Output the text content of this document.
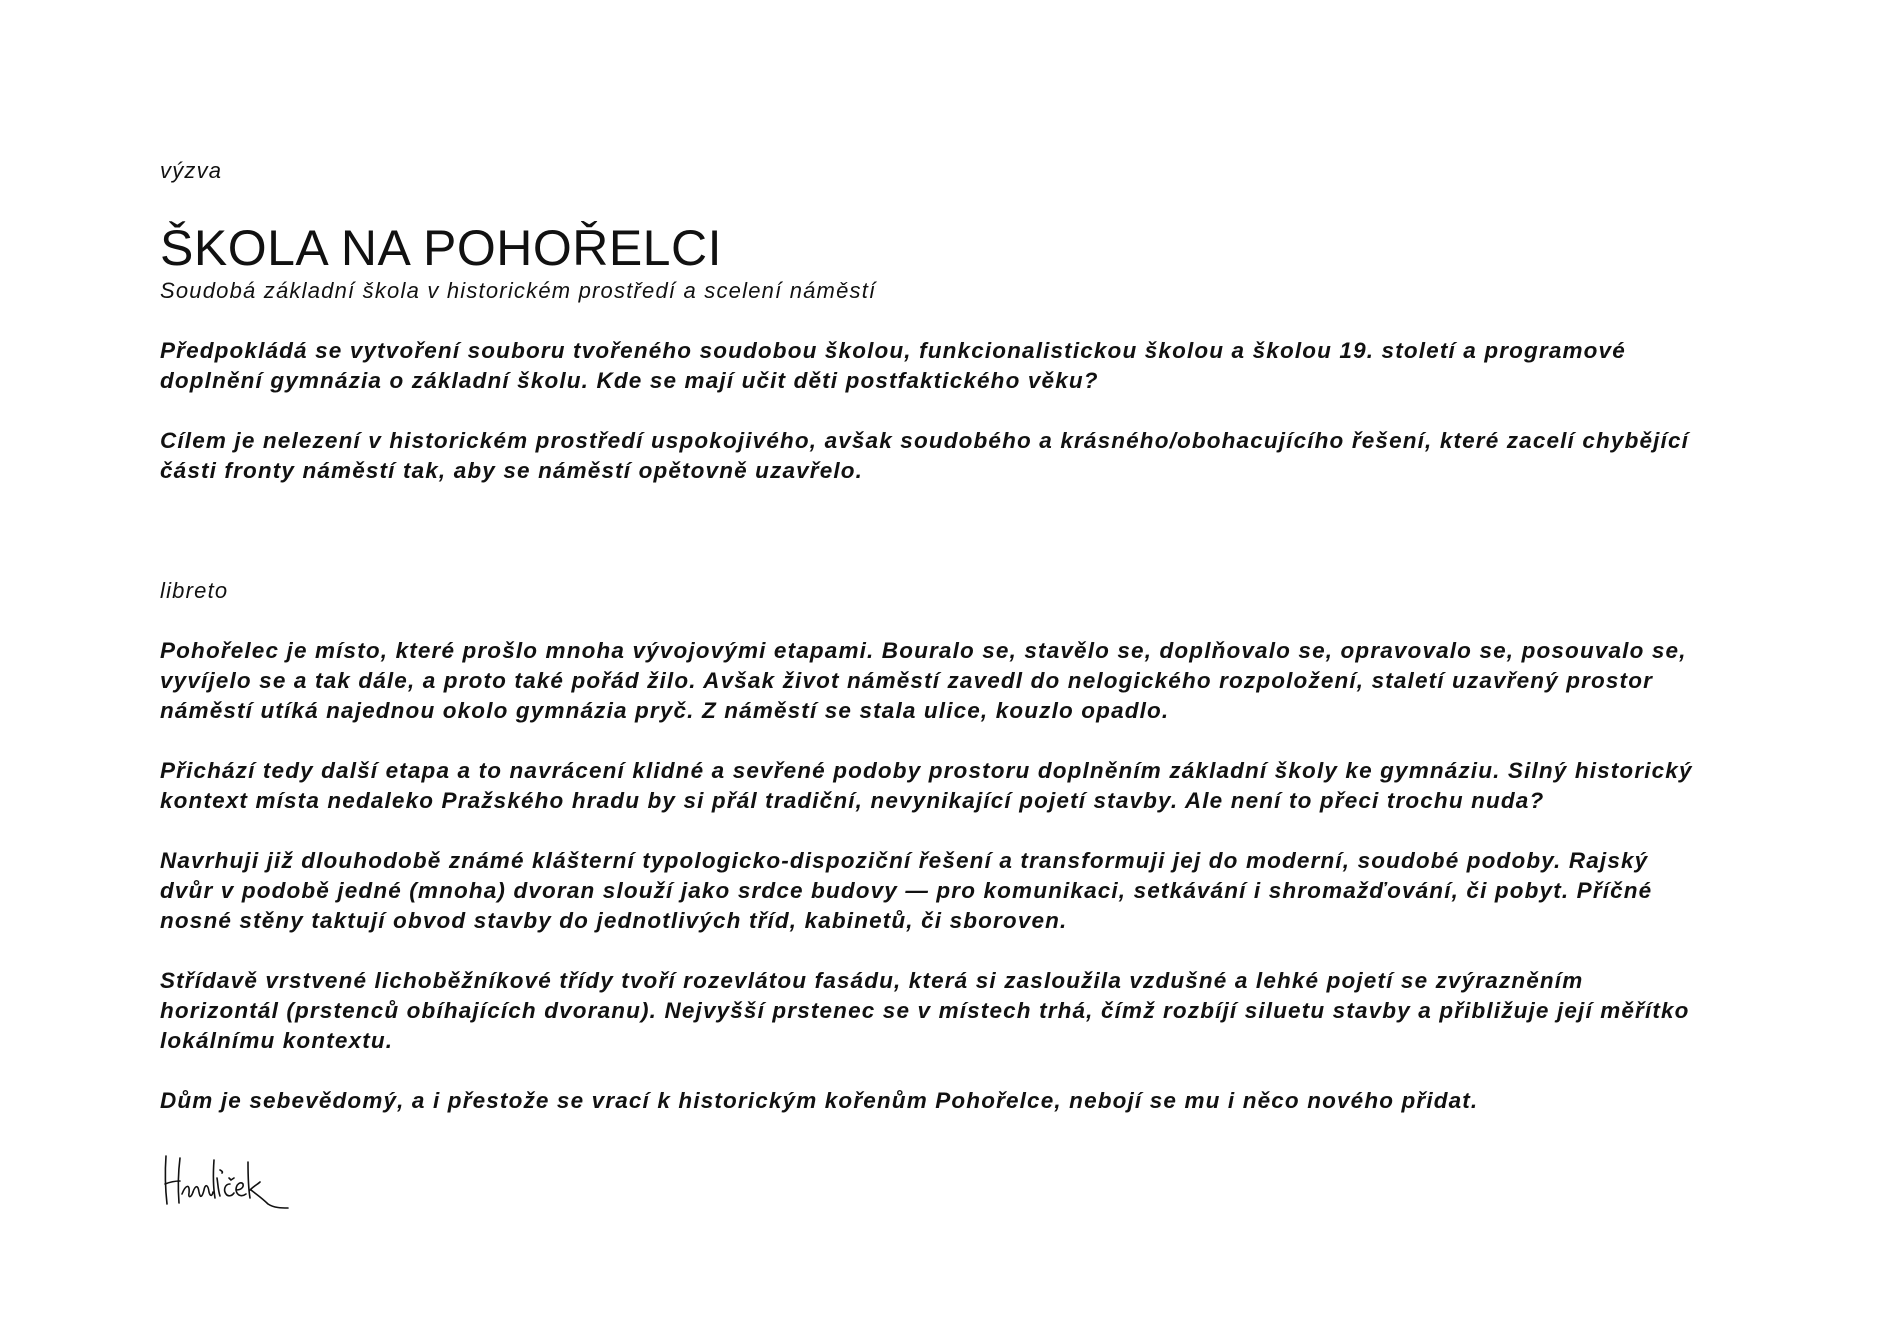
výzva

ŠKOLA NA POHOŘELCI

Soudobá základní škola v historickém prostředí a scelení náměstí

Předpokládá se vytvoření souboru tvořeného soudobou školou, funkcionalistickou školou a školou 19. století a programové
doplnění gymnázia o základní školu. Kde se mají učit děti postfaktického věku?

Cílem je nelezení v historickém prostředí uspokojivého, avšak soudobého a krásného/obohacujícího řešení, které zacelí chybějící
části fronty náměstí tak, aby se náměstí opětovně uzavřelo.

libreto

Pohořelec je místo, které prošlo mnoha vývojovými etapami. Bouralo se, stavělo se, doplňovalo se, opravovalo se, posouvalo se,
vyvíjelo se a tak dále, a proto také pořád žilo. Avšak život náměstí zavedl do nelogického rozpoložení, staletí uzavřený prostor
náměstí utíká najednou okolo gymnázia pryč. Z náměstí se stala ulice, kouzlo opadlo.

Přichází tedy další etapa a to navrácení klidné a sevřené podoby prostoru doplněním základní školy ke gymnáziu. Silný historický
kontext místa nedaleko Pražského hradu by si přál tradiční, nevynikající pojetí stavby. Ale není to přeci trochu nuda?

Navrhuji již dlouhodobě známé klášterní typologicko-dispoziční řešení a transformuji jej do moderní, soudobé podoby. Rajský
dvůr v podobě jedné (mnoha) dvoran slouží jako srdce budovy — pro komunikaci, setkávání i shromažďování, či pobyt. Příčné
nosné stěny taktují obvod stavby do jednotlivých tříd, kabinetů, či sboroven.

Střídavě vrstvené lichoběžníkové třídy tvoří rozevlátou fasádu, která si zasloužila vzdušné a lehké pojetí se zvýrazněním
horizontál (prstenců obíhajících dvoranu). Nejvyšší prstenec se v místech trhá, čímž rozbíjí siluetu stavby a přibližuje její měřítko
lokálnímu kontextu.

Dům je sebevědomý, a i přestože se vrací k historickým kořenům Pohořelce, nebojí se mu i něco nového přidat.
